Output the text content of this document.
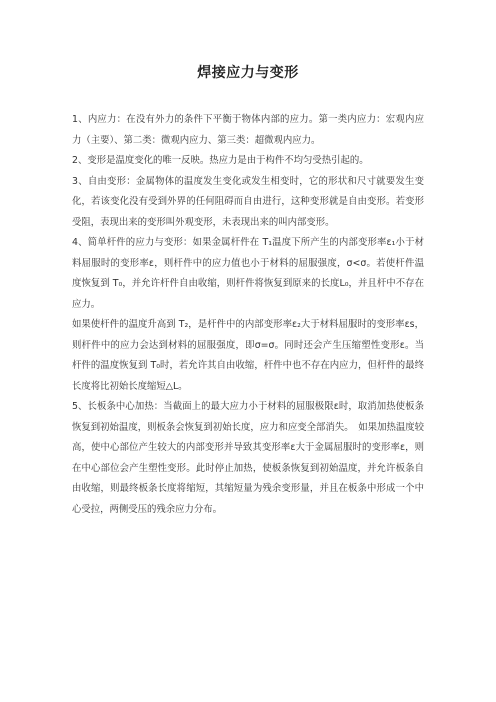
焊接应力与变形

1、内应力：在没有外力的条件下平衡于物体内部的应力。第一类内应力：宏观内应力（主要）、第二类：微观内应力、第三类：超微观内应力。

2、变形是温度变化的唯一反映。热应力是由于构件不均匀受热引起的。

3、自由变形：金属物体的温度发生变化或发生相变时，它的形状和尺寸就要发生变化，若该变化没有受到外界的任何阻碍而自由进行，这种变形就是自由变形。若变形受阻，表现出来的变形叫外观变形，未表现出来的叫内部变形。

4、简单杆件的应力与变形：如果金属杆件在 T₁温度下所产生的内部变形率ε₁小于材料屈服时的变形率ε，则杆件中的应力值也小于材料的屈服强度，σ<σ。若使杆件温度恢复到 T₀，并允许杆件自由收缩，则杆件将恢复到原来的长度L₀，并且杆中不存在应力。

如果使杆件的温度升高到 T₂，是杆件中的内部变形率ε₂大于材料屈服时的变形率εs，则杆件中的应力会达到材料的屈服强度，即σ=σ。同时还会产生压缩塑性变形ε。当杆件的温度恢复到 T₀时，若允许其自由收缩，杆件中也不存在内应力，但杆件的最终长度将比初始长度缩短△L。

5、长板条中心加热：当截面上的最大应力小于材料的屈服极限ε时，取消加热使板条恢复到初始温度，则板条会恢复到初始长度，应力和应变全部消失。　如果加热温度较高，使中心部位产生较大的内部变形并导致其变形率ε大于金属屈服时的变形率ε，则在中心部位会产生塑性变形。此时停止加热，使板条恢复到初始温度，并允许板条自由收缩，则最终板条长度将缩短，其缩短量为残余变形量，并且在板条中形成一个中心受拉，两侧受压的残余应力分布。
